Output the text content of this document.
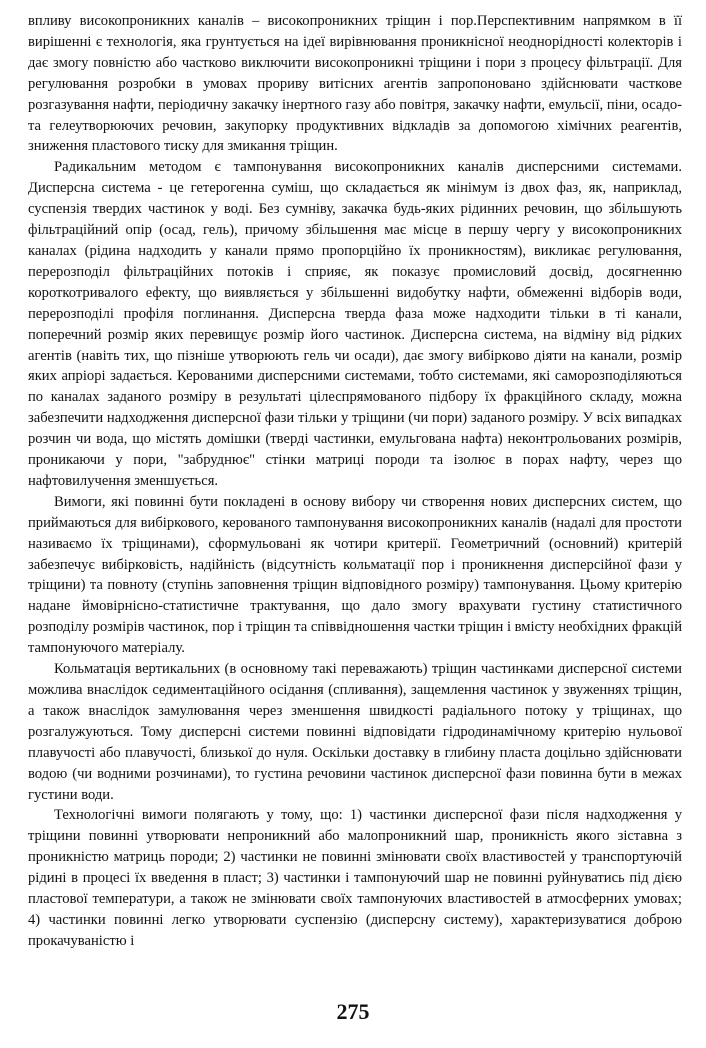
впливу високопроникних каналів – високопроникних тріщин і пор.Перспективним напрямком в її вирішенні є технологія, яка грунтується на ідеї вирівнювання проникнісної неоднорідності колекторів і дає змогу повністю або частково виключити високопроникні тріщини і пори з процесу фільтрації. Для регулювання розробки в умовах прориву витісних агентів запропоновано здійснювати часткове розгазування нафти, періодичну закачку інертного газу або повітря, закачку нафти, емульсії, піни, осадо- та гелеутворюючих речовин, закупорку продуктивних відкладів за допомогою хімічних реагентів, зниження пластового тиску для змикання тріщин.

Радикальним методом є тампонування високопроникних каналів дисперсними системами. Дисперсна система - це гетерогенна суміш, що складається як мінімум із двох фаз, як, наприклад, суспензія твердих частинок у воді. Без сумніву, закачка будь-яких рідинних речовин, що збільшують фільтраційний опір (осад, гель), причому збільшення має місце в першу чергу у високопроникних каналах (рідина надходить у канали прямо пропорційно їх проникностям), викликає регулювання, перерозподіл фільтраційних потоків і сприяє, як показує промисловий досвід, досягненню короткотривалого ефекту, що виявляється у збільшенні видобутку нафти, обмеженні відборів води, перерозподілі профіля поглинання. Дисперсна тверда фаза може надходити тільки в ті канали, поперечний розмір яких перевищує розмір його частинок. Дисперсна система, на відміну від рідких агентів (навіть тих, що пізніше утворюють гель чи осади), дає змогу вибірково діяти на канали, розмір яких апріорі задається. Керованими дисперсними системами, тобто системами, які саморозподіляються по каналах заданого розміру в результаті цілеспрямованого підбору їх фракційного складу, можна забезпечити надходження дисперсної фази тільки у тріщини (чи пори) заданого розміру. У всіх випадках розчин чи вода, що містять домішки (тверді частинки, емульгована нафта) неконтрольованих розмірів, проникаючи у пори, "забруднює" стінки матриці породи та ізолює в порах нафту, через що нафтовилучення зменшується.

Вимоги, які повинні бути покладені в основу вибору чи створення нових дисперсних систем, що приймаються для вибіркового, керованого тампонування високопроникних каналів (надалі для простоти називаємо їх тріщинами), сформульовані як чотири критерії. Геометричний (основний) критерій забезпечує вибірковість, надійність (відсутність кольматації пор і проникнення дисперсійної фази у тріщини) та повноту (ступінь заповнення тріщин відповідного розміру) тампонування. Цьому критерію надане ймовірнісно-статистичне трактування, що дало змогу врахувати густину статистичного розподілу розмірів частинок, пор і тріщин та співвідношення частки тріщин і вмісту необхідних фракцій тампонуючого матеріалу.

Кольматація вертикальних (в основному такі переважають) тріщин частинками дисперсної системи можлива внаслідок седиментаційного осідання (спливання), защемлення частинок у звуженнях тріщин, а також внаслідок замулювання через зменшення швидкості радіального потоку у тріщинах, що розгалужуються. Тому дисперсні системи повинні відповідати гідродинамічному критерію нульової плавучості або плавучості, близької до нуля. Оскільки доставку в глибину пласта доцільно здійснювати водою (чи водними розчинами), то густина речовини частинок дисперсної фази повинна бути в межах густини води.

Технологічні вимоги полягають у тому, що: 1) частинки дисперсної фази після надходження у тріщини повинні утворювати непроникний або малопроникний шар, проникність якого зіставна з проникністю матриць породи; 2) частинки не повинні змінювати своїх властивостей у транспортуючій рідині в процесі їх введення в пласт; 3) частинки і тампонуючий шар не повинні руйнуватись під дією пластової температури, а також не змінювати своїх тампонуючих властивостей в атмосферних умовах; 4) частинки повинні легко утворювати суспензію (дисперсну систему), характеризуватися доброю прокачуваністю і

275
